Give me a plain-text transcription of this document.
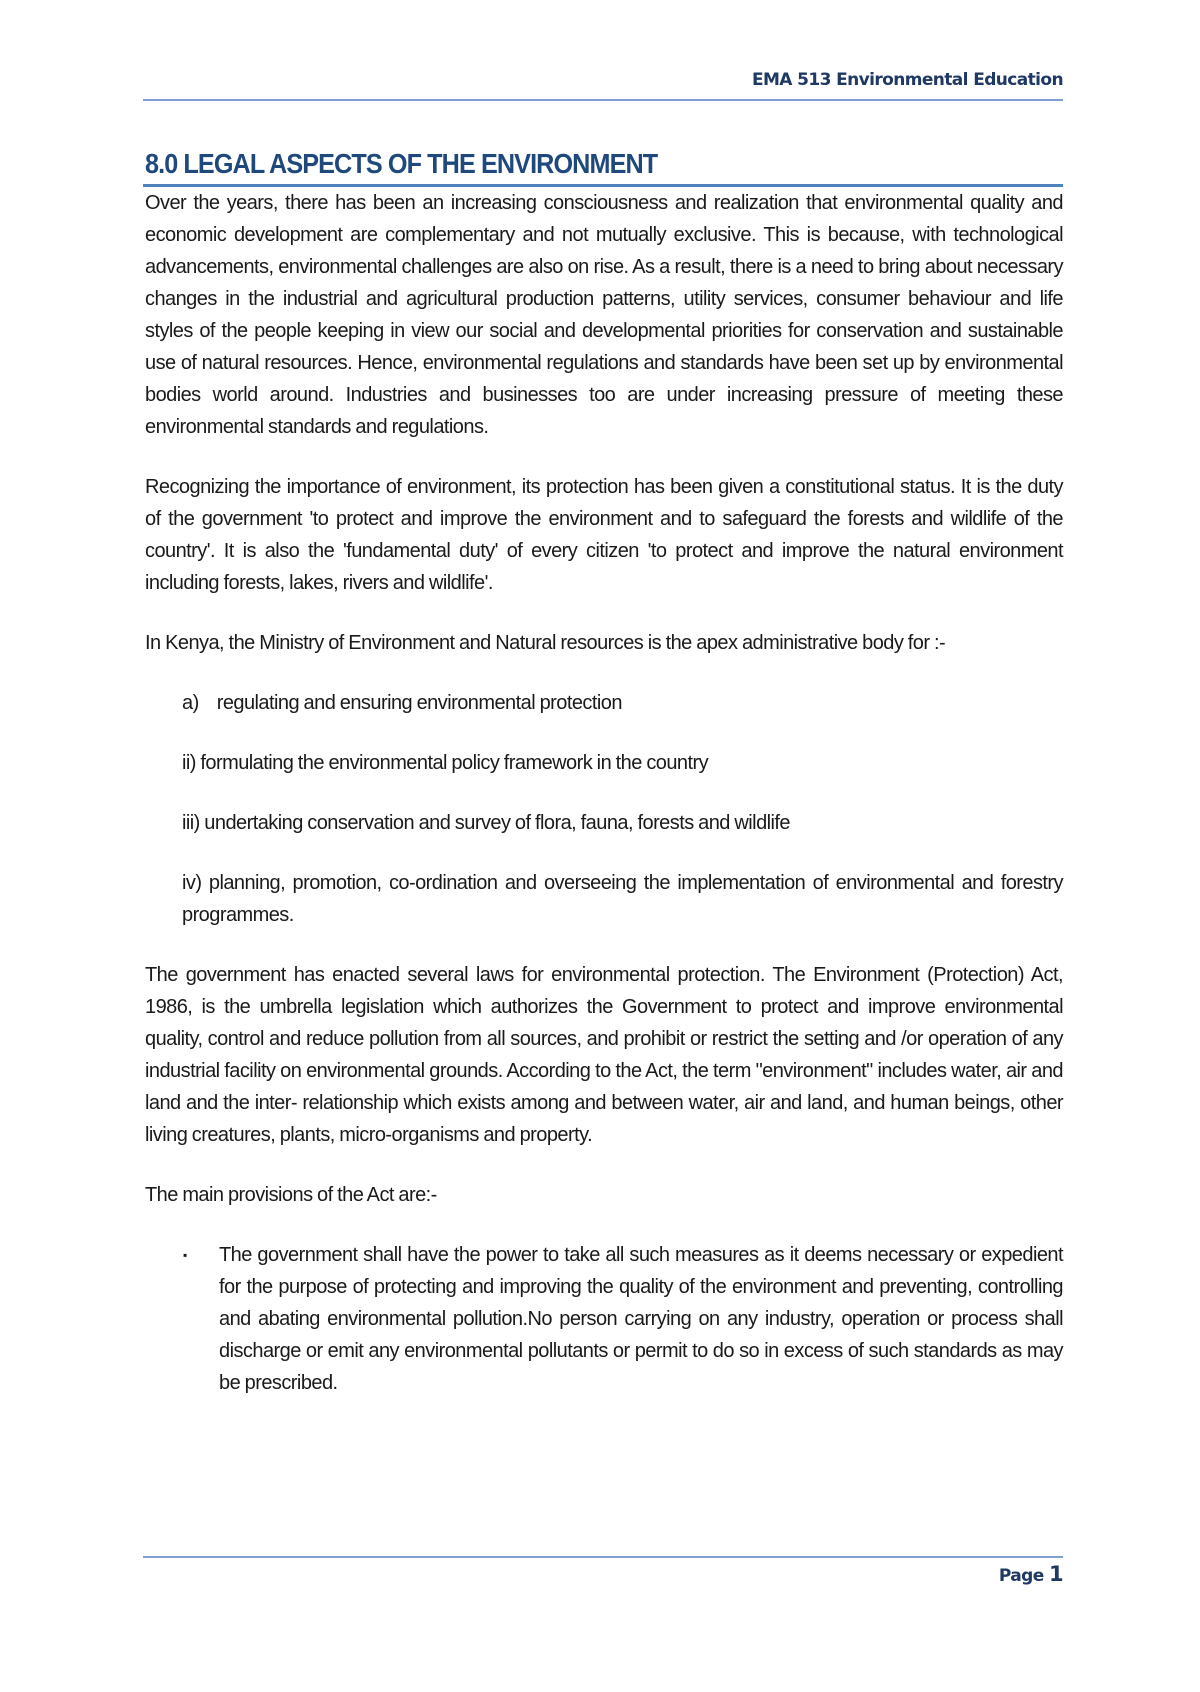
EMA 513 Environmental Education
8.0 LEGAL ASPECTS OF THE ENVIRONMENT

Over the years, there has been an increasing consciousness and realization that environmental quality and economic development are complementary and not mutually exclusive. This is because, with technological advancements, environmental challenges are also on rise. As a result, there is a need to bring about necessary changes in the industrial and agricultural production patterns, utility services, consumer behaviour and life styles of the people keeping in view our social and developmental priorities for conservation and sustainable use of natural resources. Hence, environmental regulations and standards have been set up by environmental bodies world around. Industries and businesses too are under increasing pressure of meeting these environmental standards and regulations.

Recognizing the importance of environment, its protection has been given a constitutional status. It is the duty of the government 'to protect and improve the environment and to safeguard the forests and wildlife of the country'. It is also the 'fundamental duty' of every citizen 'to protect and improve the natural environment including forests, lakes, rivers and wildlife'.

In Kenya, the Ministry of Environment and Natural resources is the apex administrative body for :-

a)    regulating and ensuring environmental protection

ii) formulating the environmental policy framework in the country

iii) undertaking conservation and survey of flora, fauna, forests and wildlife

iv) planning, promotion, co-ordination and overseeing the implementation of environmental and forestry programmes.

The government has enacted several laws for environmental protection. The Environment (Protection) Act, 1986, is the umbrella legislation which authorizes the Government to protect and improve environmental quality, control and reduce pollution from all sources, and prohibit or restrict the setting and /or operation of any industrial facility on environmental grounds. According to the Act, the term "environment" includes water, air and land and the inter- relationship which exists among and between water, air and land, and human beings, other living creatures, plants, micro-organisms and property.

The main provisions of the Act are:-

▪	The government shall have the power to take all such measures as it deems necessary or expedient for the purpose of protecting and improving the quality of the environment and preventing, controlling and abating environmental pollution.No person carrying on any industry, operation or process shall discharge or emit any environmental pollutants or permit to do so in excess of such standards as may be prescribed.

Page 1
